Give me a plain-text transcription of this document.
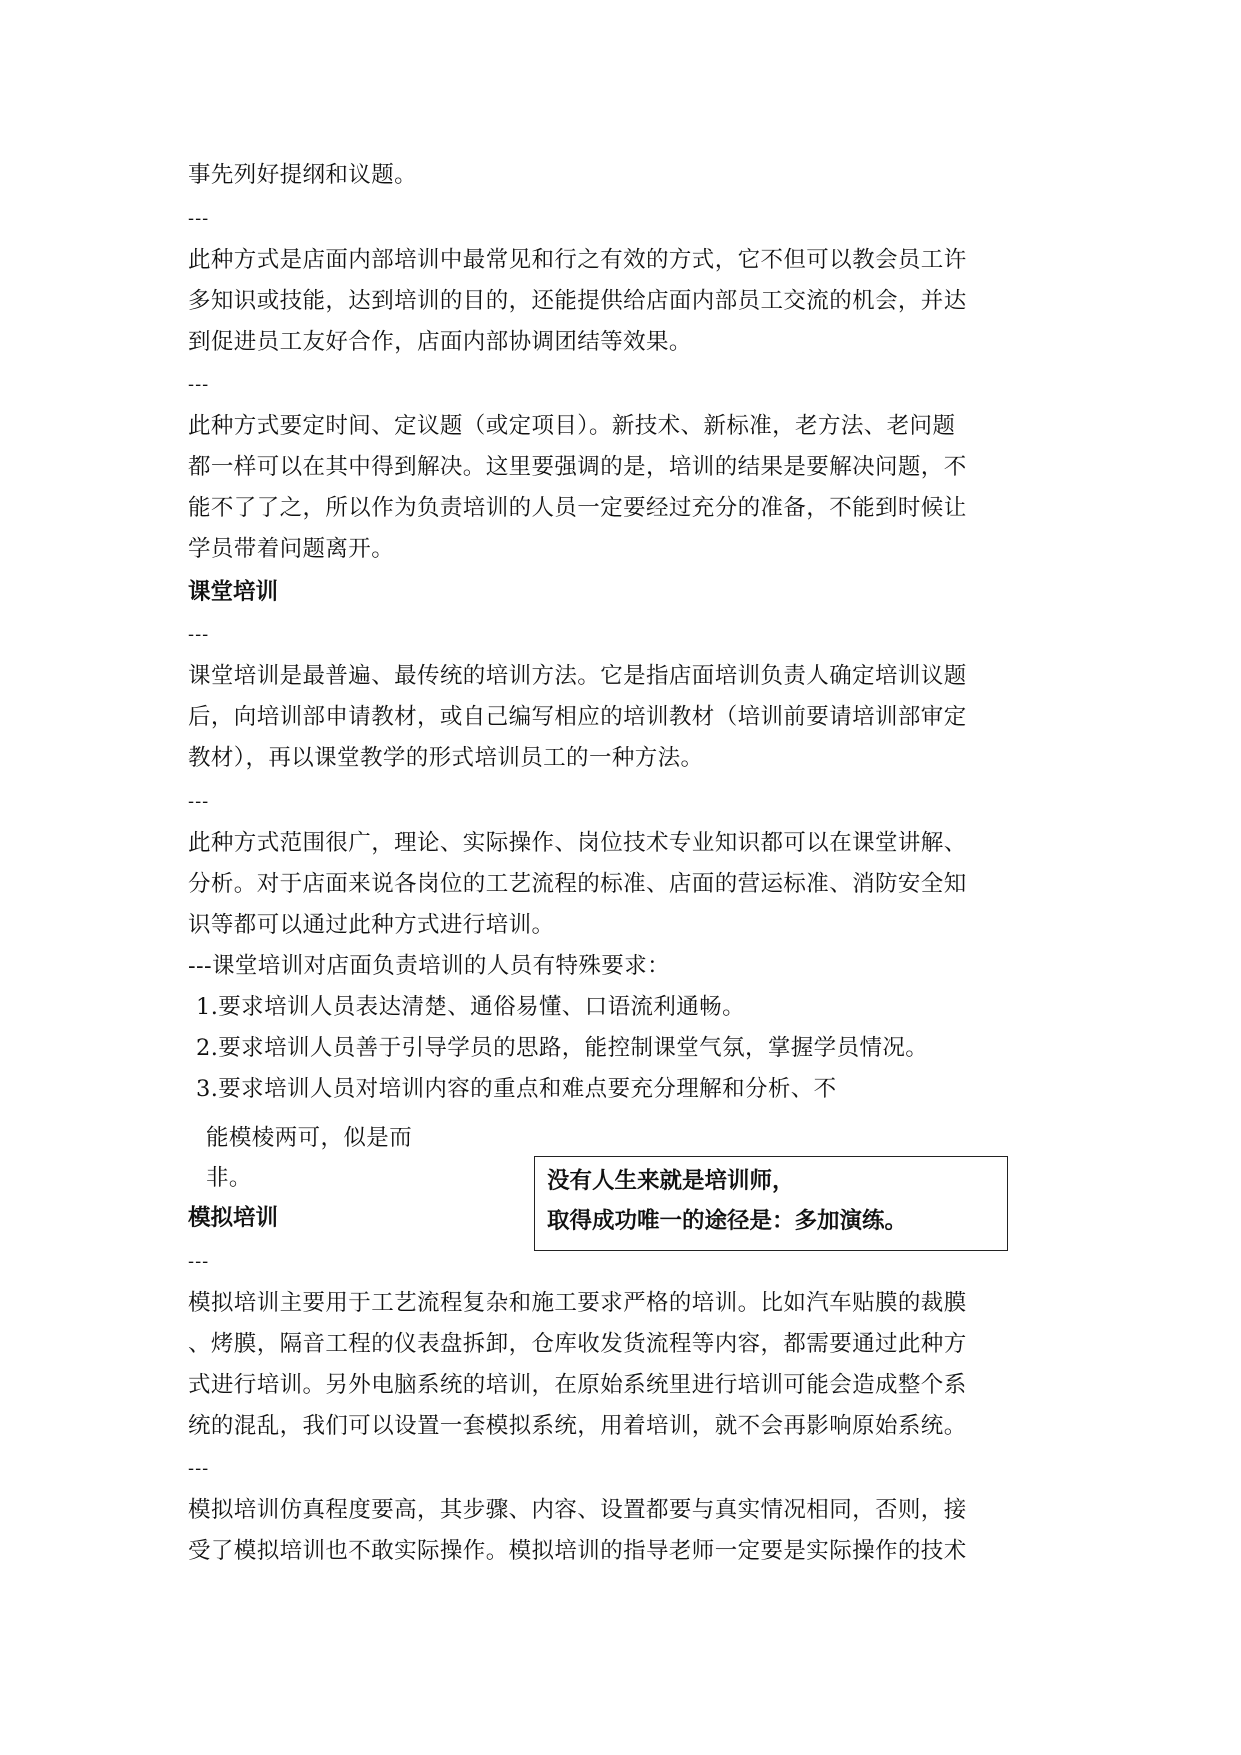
事先列好提纲和议题。
---
此种方式是店面内部培训中最常见和行之有效的方式，它不但可以教会员工许
多知识或技能，达到培训的目的，还能提供给店面内部员工交流的机会，并达
到促进员工友好合作，店面内部协调团结等效果。
---
此种方式要定时间、定议题（或定项目）。新技术、新标准，老方法、老问题
都一样可以在其中得到解决。这里要强调的是，培训的结果是要解决问题，不
能不了了之，所以作为负责培训的人员一定要经过充分的准备，不能到时候让
学员带着问题离开。
课堂培训
---
课堂培训是最普遍、最传统的培训方法。它是指店面培训负责人确定培训议题
后，向培训部申请教材，或自己编写相应的培训教材（培训前要请培训部审定
教材），再以课堂教学的形式培训员工的一种方法。
---
此种方式范围很广，理论、实际操作、岗位技术专业知识都可以在课堂讲解、
分析。对于店面来说各岗位的工艺流程的标准、店面的营运标准、消防安全知
识等都可以通过此种方式进行培训。
---课堂培训对店面负责培训的人员有特殊要求：
1.要求培训人员表达清楚、通俗易懂、口语流利通畅。
2.要求培训人员善于引导学员的思路，能控制课堂气氛，掌握学员情况。
3.要求培训人员对培训内容的重点和难点要充分理解和分析、不
能模棱两可，似是而
非。
模拟培训
---
模拟培训主要用于工艺流程复杂和施工要求严格的培训。比如汽车贴膜的裁膜
、烤膜，隔音工程的仪表盘拆卸，仓库收发货流程等内容，都需要通过此种方
式进行培训。另外电脑系统的培训，在原始系统里进行培训可能会造成整个系
统的混乱，我们可以设置一套模拟系统，用着培训，就不会再影响原始系统。
---
模拟培训仿真程度要高，其步骤、内容、设置都要与真实情况相同，否则，接
受了模拟培训也不敢实际操作。模拟培训的指导老师一定要是实际操作的技术
没有人生来就是培训师，
取得成功唯一的途径是：多加演练。
